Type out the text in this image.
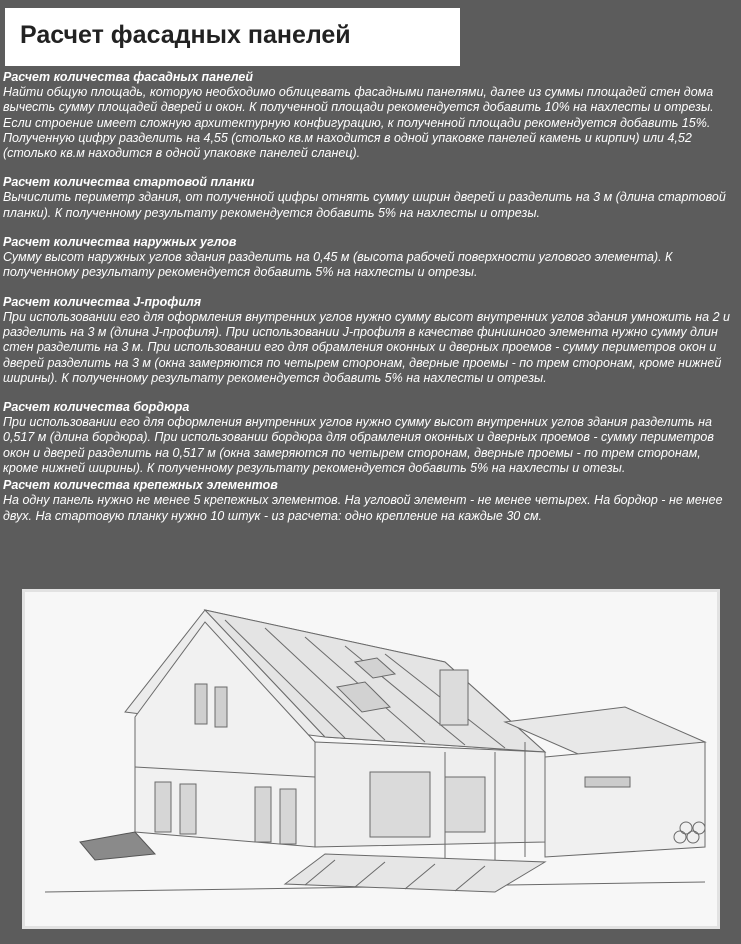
Расчет фасадных панелей

Расчет количества фасадных панелей

Найти общую площадь, которую необходимо облицевать фасадными панелями, далее из суммы площадей стен дома вычесть сумму площадей дверей и окон. К полученной площади рекомендуется добавить 10% на нахлесты и отрезы. Если строение имеет сложную архитектурную конфигурацию, к полученной площади рекомендуется добавить 15%. Полученную цифру разделить на 4,55 (столько кв.м находится в одной упаковке панелей камень и кирпич) или 4,52 (столько кв.м находится в одной упаковке панелей сланец).

Расчет количества стартовой планки

Вычислить периметр здания, от полученной цифры отнять сумму ширин дверей и разделить на 3 м (длина стартовой планки). К полученному результату рекомендуется добавить 5% на нахлесты и отрезы.

Расчет количества наружных углов

Сумму высот наружных углов здания разделить на 0,45 м (высота рабочей поверхности углового элемента). К полученному результату рекомендуется добавить 5% на нахлесты и отрезы.

Расчет количества J-профиля

При использовании его для оформления внутренних углов нужно сумму высот внутренних углов здания умножить на 2 и разделить на 3 м (длина J-профиля). При использовании J-профиля в качестве финишного элемента нужно сумму длин стен разделить на 3 м. При использовании его для обрамления оконных и дверных проемов - сумму периметров окон и дверей разделить на 3 м (окна замеряются по четырем сторонам, дверные проемы - по трем сторонам, кроме нижней ширины). К полученному результату рекомендуется добавить 5% на нахлесты и отрезы.

Расчет количества бордюра

При использовании его для оформления внутренних углов нужно сумму высот внутренних углов здания разделить на 0,517 м (длина бордюра). При использовании бордюра для обрамления оконных и дверных проемов - сумму периметров окон и дверей разделить на 0,517 м (окна замеряются по четырем сторонам, дверные проемы - по трем сторонам, кроме нижней ширины). К полученному результату рекомендуется добавить 5% на нахлесты и отезы.

Расчет количества крепежных элементов

На одну панель нужно не менее 5 крепежных элементов. На угловой элемент - не менее четырех. На бордюр - не менее двух. На стартовую планку нужно 10 штук - из расчета: одно крепление на каждые 30 см.
